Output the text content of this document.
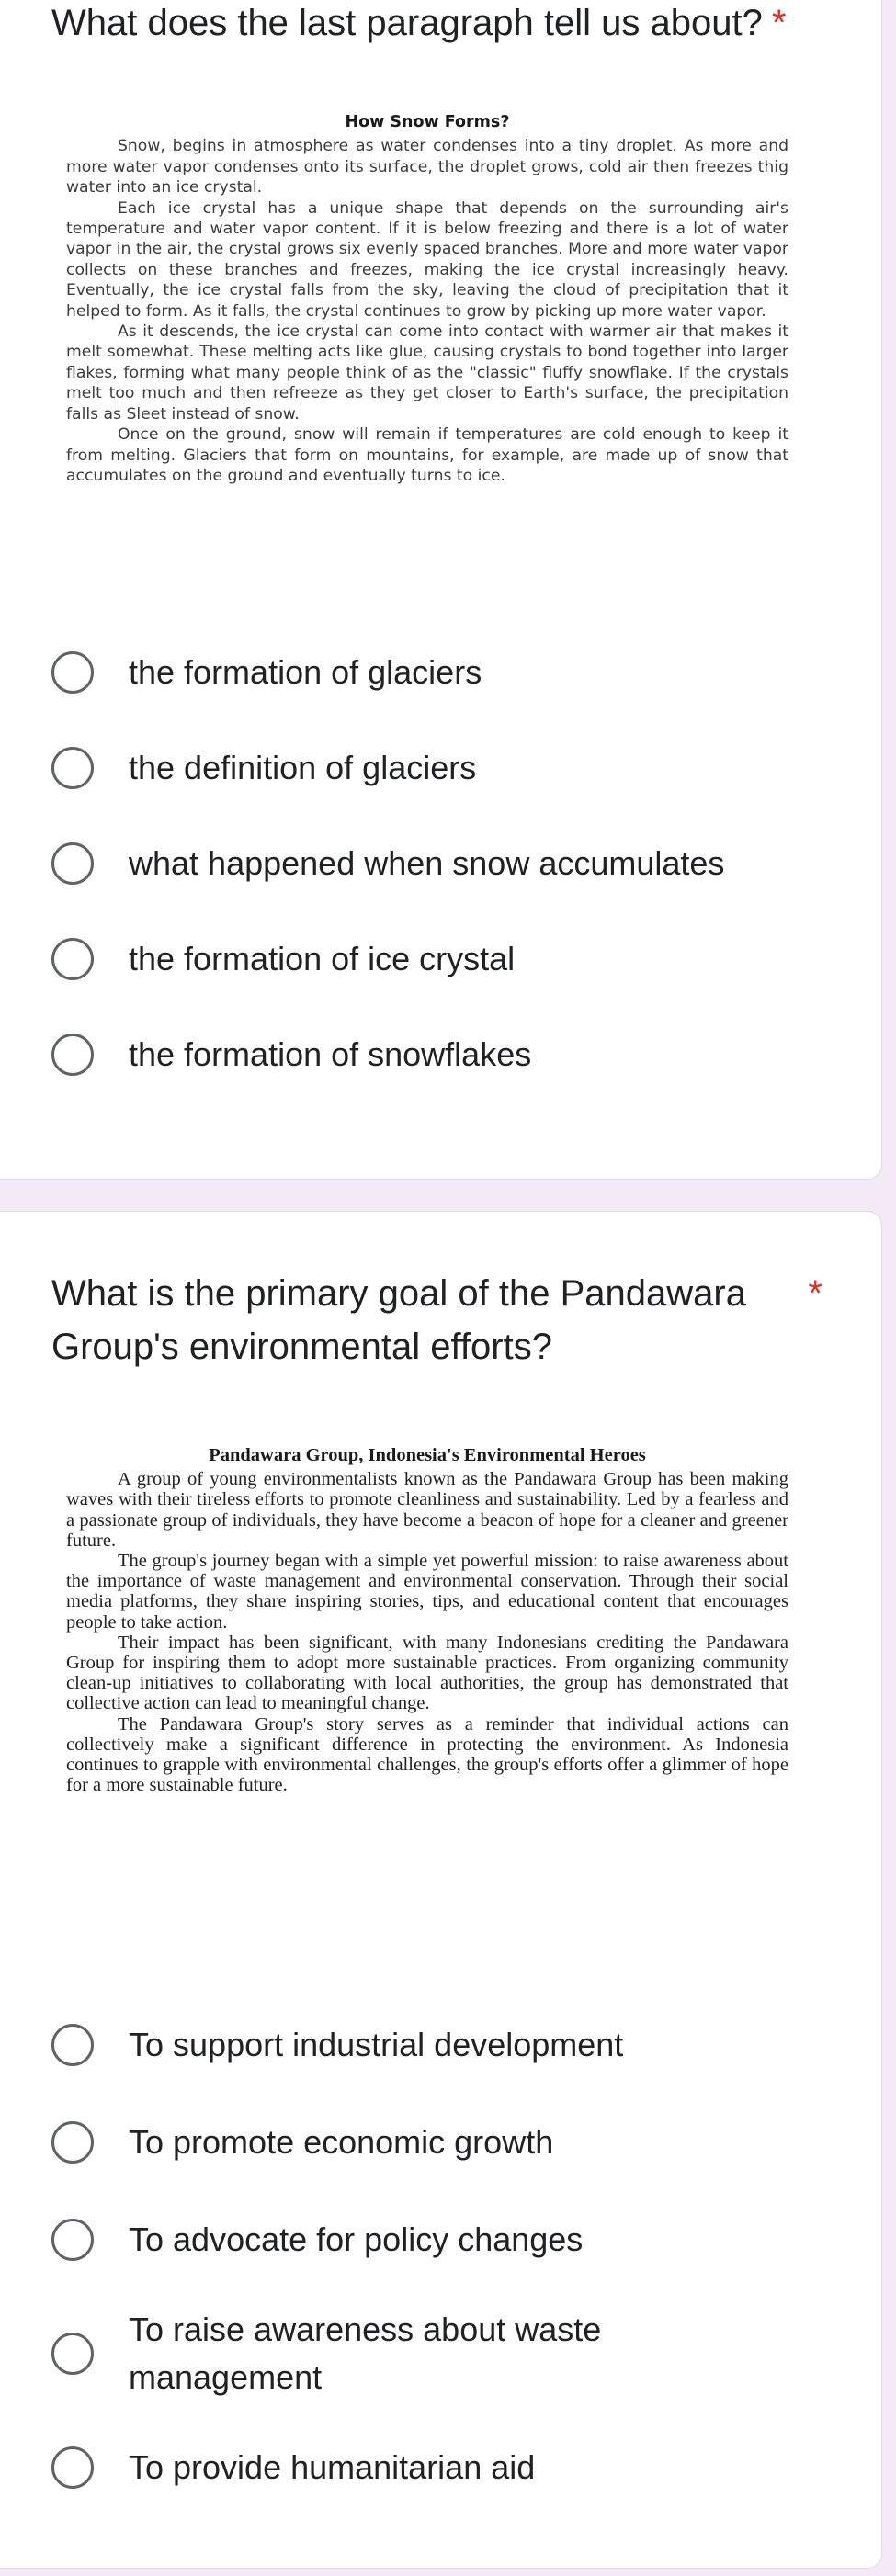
What does the last paragraph tell us about? *
How Snow Forms?

Snow, begins in atmosphere as water condenses into a tiny droplet. As more and more water vapor condenses onto its surface, the droplet grows, cold air then freezes thig water into an ice crystal.

Each ice crystal has a unique shape that depends on the surrounding air's temperature and water vapor content. If it is below freezing and there is a lot of water vapor in the air, the crystal grows six evenly spaced branches. More and more water vapor collects on these branches and freezes, making the ice crystal increasingly heavy. Eventually, the ice crystal falls from the sky, leaving the cloud of precipitation that it helped to form. As it falls, the crystal continues to grow by picking up more water vapor.

As it descends, the ice crystal can come into contact with warmer air that makes it melt somewhat. These melting acts like glue, causing crystals to bond together into larger flakes, forming what many people think of as the "classic" fluffy snowflake. If the crystals melt too much and then refreeze as they get closer to Earth's surface, the precipitation falls as Sleet instead of snow.

Once on the ground, snow will remain if temperatures are cold enough to keep it from melting. Glaciers that form on mountains, for example, are made up of snow that accumulates on the ground and eventually turns to ice.

the formation of glaciers
the definition of glaciers
what happened when snow accumulates
the formation of ice crystal
the formation of snowflakes
What is the primary goal of the Pandawara Group's environmental efforts?
*
Pandawara Group, Indonesia's Environmental Heroes

A group of young environmentalists known as the Pandawara Group has been making waves with their tireless efforts to promote cleanliness and sustainability. Led by a fearless and a passionate group of individuals, they have become a beacon of hope for a cleaner and greener future.

The group's journey began with a simple yet powerful mission: to raise awareness about the importance of waste management and environmental conservation. Through their social media platforms, they share inspiring stories, tips, and educational content that encourages people to take action.

Their impact has been significant, with many Indonesians crediting the Pandawara Group for inspiring them to adopt more sustainable practices. From organizing community clean-up initiatives to collaborating with local authorities, the group has demonstrated that collective action can lead to meaningful change.

The Pandawara Group's story serves as a reminder that individual actions can collectively make a significant difference in protecting the environment. As Indonesia continues to grapple with environmental challenges, the group's efforts offer a glimmer of hope for a more sustainable future.

To support industrial development
To promote economic growth
To advocate for policy changes
To raise awareness about waste management
To provide humanitarian aid
